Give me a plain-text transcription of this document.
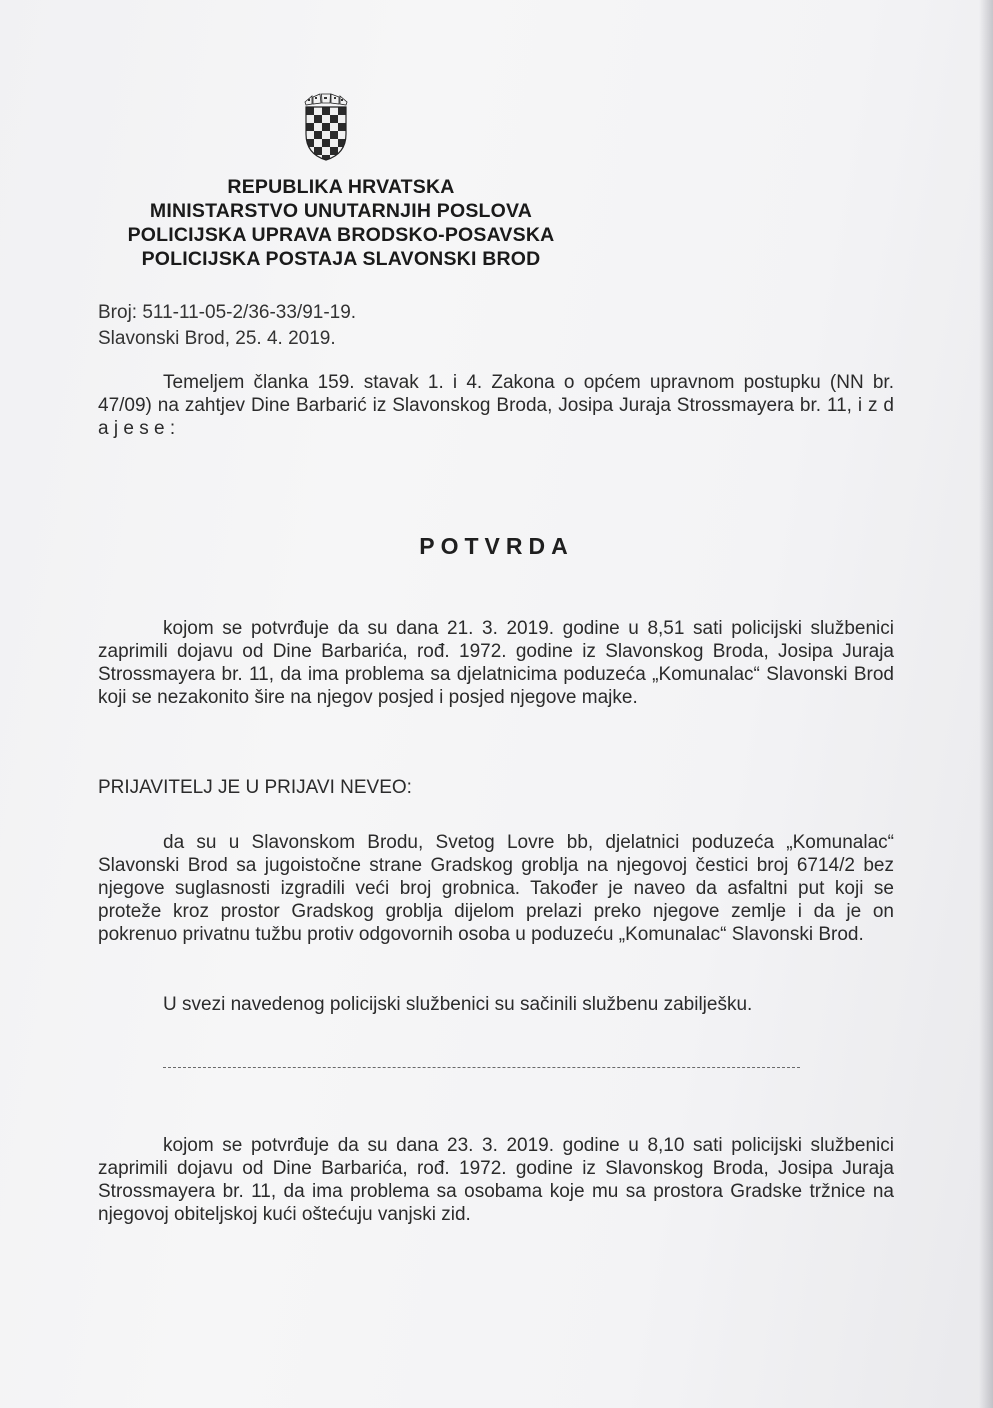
REPUBLIKA HRVATSKA
MINISTARSTVO UNUTARNJIH POSLOVA
POLICIJSKA UPRAVA BRODSKO-POSAVSKA
POLICIJSKA POSTAJA SLAVONSKI BROD
Broj: 511-11-05-2/36-33/91-19.
Slavonski Brod, 25. 4. 2019.
Temeljem članka 159. stavak 1. i 4. Zakona o općem upravnom postupku (NN br. 47/09) na zahtjev Dine Barbarić iz Slavonskog Broda, Josipa Juraja Strossmayera br. 11, i z d a j e s e :
POTVRDA
kojom se potvrđuje da su dana 21. 3. 2019. godine u 8,51 sati policijski službenici zaprimili dojavu od Dine Barbarića, rođ. 1972. godine iz Slavonskog Broda, Josipa Juraja Strossmayera br. 11, da ima problema sa djelatnicima poduzeća „Komunalac“ Slavonski Brod koji se nezakonito šire na njegov posjed i posjed njegove majke.
PRIJAVITELJ JE U PRIJAVI NEVEO:
da su u Slavonskom Brodu, Svetog Lovre bb, djelatnici poduzeća „Komunalac“ Slavonski Brod sa jugoistočne strane Gradskog groblja na njegovoj čestici broj 6714/2 bez njegove suglasnosti izgradili veći broj grobnica. Također je naveo da asfaltni put koji se proteže kroz prostor Gradskog groblja dijelom prelazi preko njegove zemlje i da je on pokrenuo privatnu tužbu protiv odgovornih osoba u poduzeću „Komunalac“ Slavonski Brod.
U svezi navedenog policijski službenici su sačinili službenu zabilješku.
kojom se potvrđuje da su dana 23. 3. 2019. godine u 8,10 sati policijski službenici zaprimili dojavu od Dine Barbarića, rođ. 1972. godine iz Slavonskog Broda, Josipa Juraja Strossmayera br. 11, da ima problema sa osobama koje mu sa prostora Gradske tržnice na njegovoj obiteljskoj kući oštećuju vanjski zid.
